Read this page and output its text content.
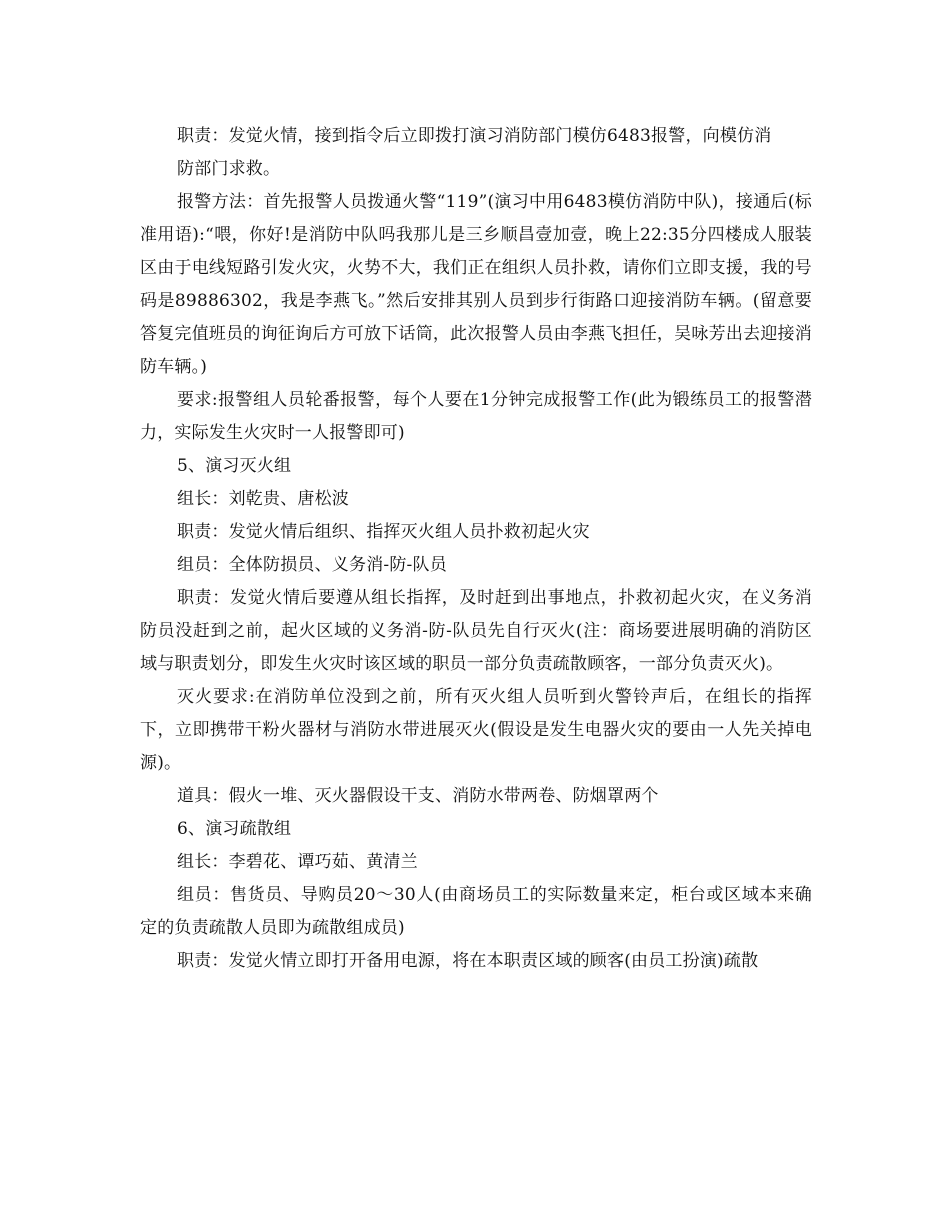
职责：发觉火情，接到指令后立即拨打演习消防部门模仿6483报警，向模仿消

防部门求救。

报警方法：首先报警人员拨通火警“119”(演习中用6483模仿消防中队)，接通后(标准用语):“喂，你好!是消防中队吗我那儿是三乡顺昌壹加壹，晚上22:35分四楼成人服装区由于电线短路引发火灾，火势不大，我们正在组织人员扑救，请你们立即支援，我的号码是89886302，我是李燕飞。”然后安排其别人员到步行街路口迎接消防车辆。(留意要答复完值班员的询征询后方可放下话筒，此次报警人员由李燕飞担任，吴咏芳出去迎接消防车辆。)

要求:报警组人员轮番报警，每个人要在1分钟完成报警工作(此为锻练员工的报警潜力，实际发生火灾时一人报警即可)

5、演习灭火组

组长：刘乾贵、唐松波

职责：发觉火情后组织、指挥灭火组人员扑救初起火灾

组员：全体防损员、义务消-防-队员

职责：发觉火情后要遵从组长指挥，及时赶到出事地点，扑救初起火灾，在义务消防员没赶到之前，起火区域的义务消-防-队员先自行灭火(注：商场要进展明确的消防区域与职责划分，即发生火灾时该区域的职员一部分负责疏散顾客，一部分负责灭火)。

灭火要求:在消防单位没到之前，所有灭火组人员听到火警铃声后，在组长的指挥下，立即携带干粉火器材与消防水带进展灭火(假设是发生电器火灾的要由一人先关掉电源)。

道具：假火一堆、灭火器假设干支、消防水带两卷、防烟罩两个

6、演习疏散组

组长：李碧花、谭巧茹、黄清兰

组员：售货员、导购员20～30人(由商场员工的实际数量来定，柜台或区域本来确定的负责疏散人员即为疏散组成员)

职责：发觉火情立即打开备用电源，将在本职责区域的顾客(由员工扮演)疏散
